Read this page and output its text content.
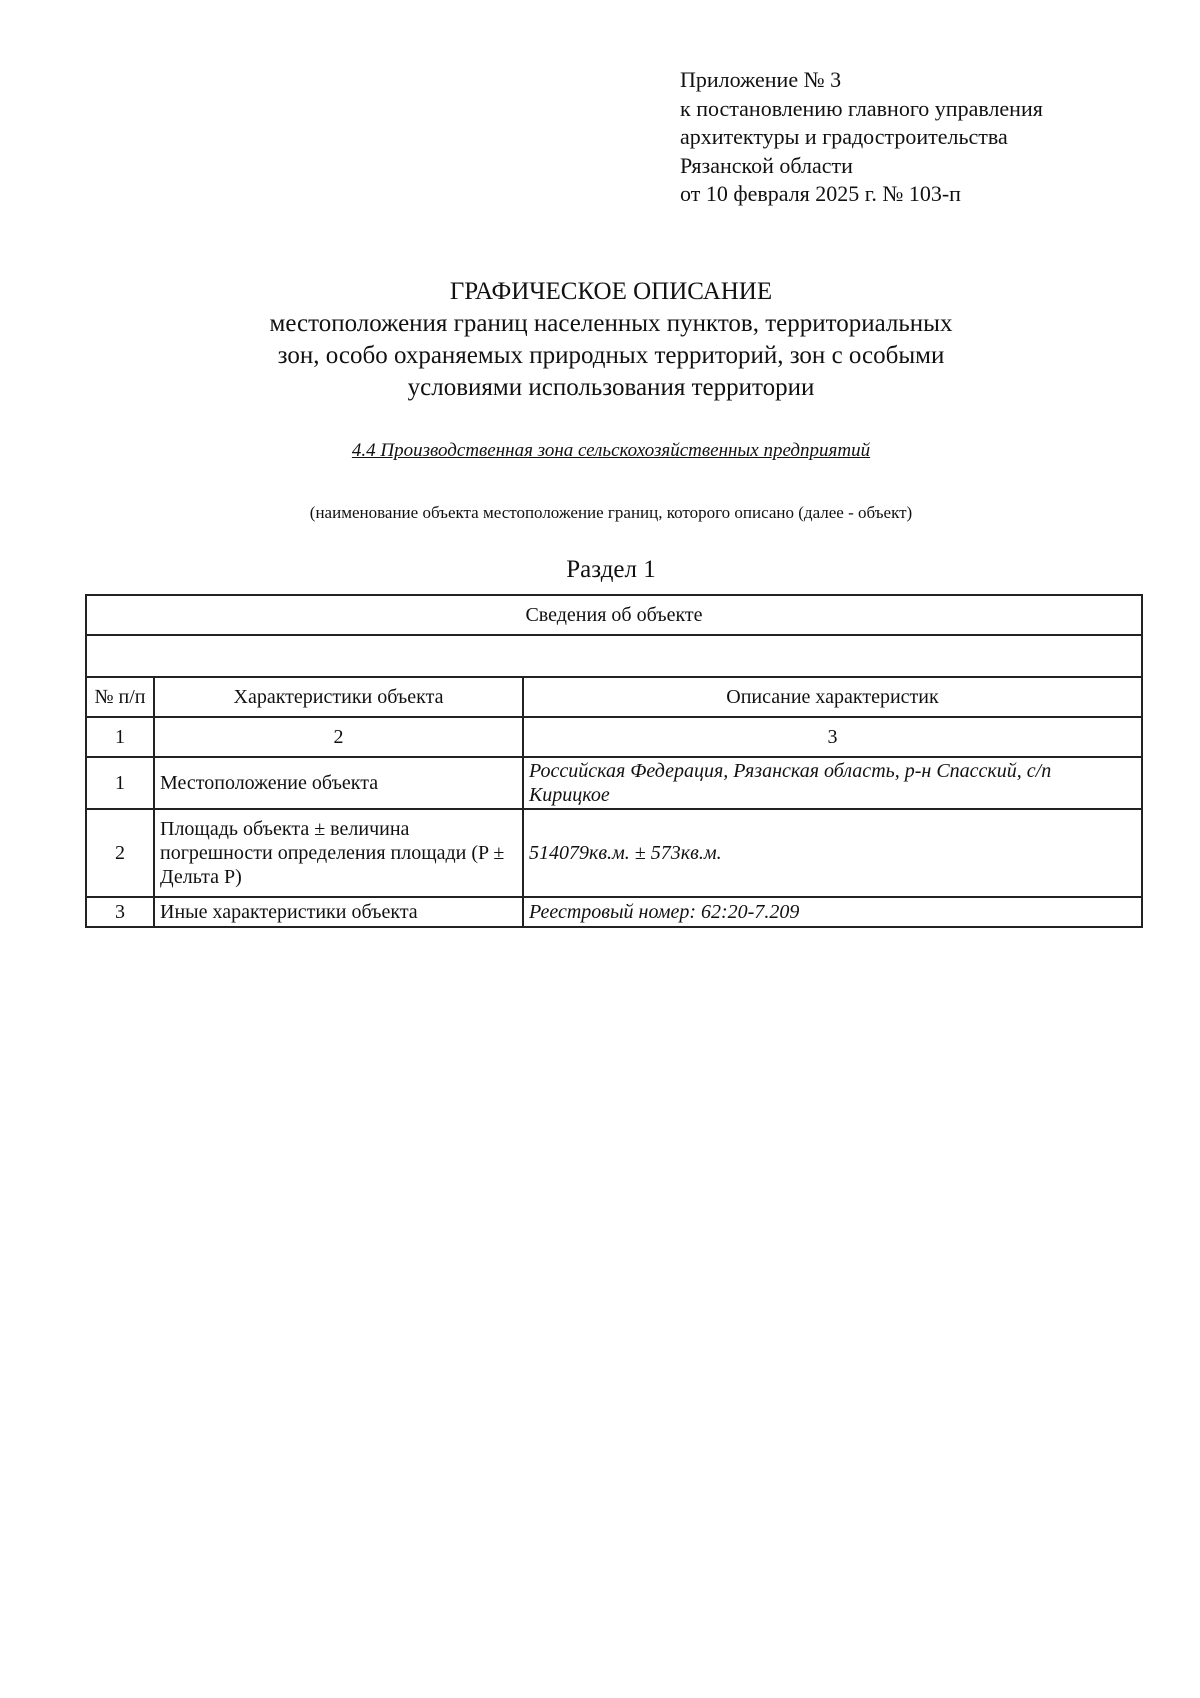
Приложение № 3
к постановлению главного управления
архитектуры и градостроительства
Рязанской области
от 10 февраля 2025 г. № 103-п
ГРАФИЧЕСКОЕ ОПИСАНИЕ
местоположения границ населенных пунктов, территориальных
зон, особо охраняемых природных территорий, зон с особыми
условиями использования территории
4.4 Производственная зона сельскохозяйственных предприятий
(наименование объекта местоположение границ, которого описано (далее - объект)
Раздел 1
Сведения об объекте		

№ п/п	Характеристики объекта	Описание характеристик
1	2	3
1	Местоположение объекта	Российская Федерация, Рязанская область, р-н Спасский, с/п Кирицкое
2	Площадь объекта ± величина погрешности определения площади (P ± Дельта P)	514079кв.м. ± 573кв.м.
3	Иные характеристики объекта	Реестровый номер: 62:20-7.209
